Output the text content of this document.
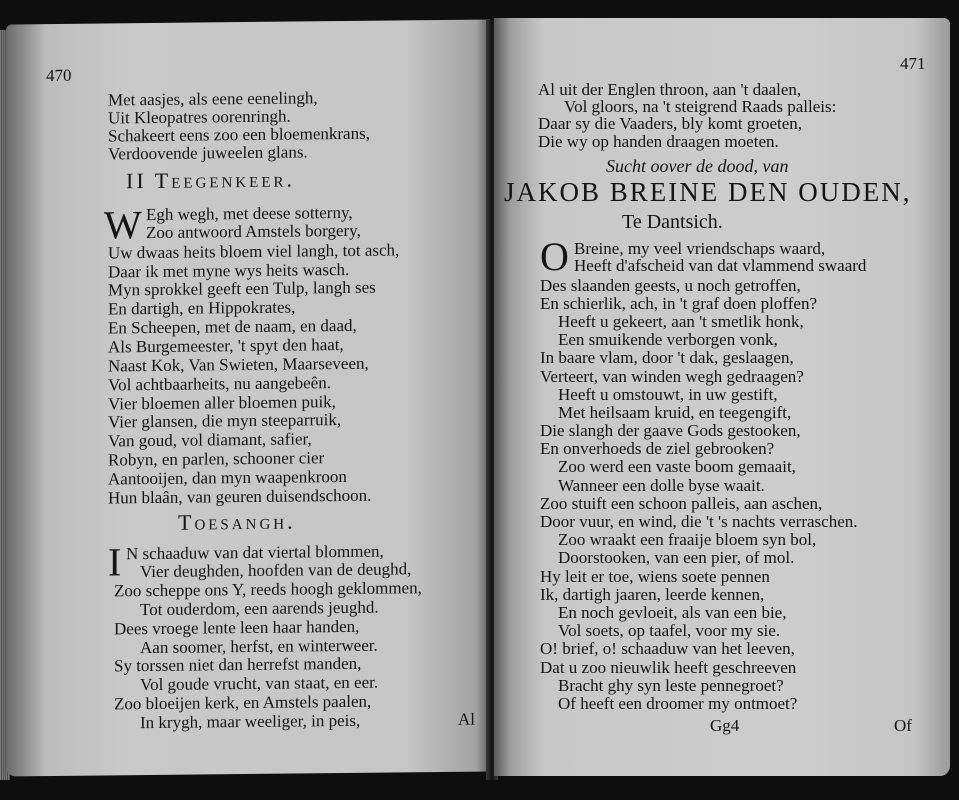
470
Met aasjes, als eene eenelingh,
Uit Kleopatres oorenringh.
Schakeert eens zoo een bloemenkrans,
Verdoovende juweelen glans.
II Teegenkeer.
W Egh wegh, met deese sotterny,
Zoo antwoord Amstels borgery,
Uw dwaas heits bloem viel langh, tot asch,
Daar ik met myne wys heits wasch.
Myn sprokkel geeft een Tulp, langh ses
En dartigh, en Hippokrates,
En Scheepen, met de naam, en daad,
Als Burgemeester, 't spyt den haat,
Naast Kok, Van Swieten, Maarseveen,
Vol achtbaarheits, nu aangebeên.
Vier bloemen aller bloemen puik,
Vier glansen, die myn steeparruik,
Van goud, vol diamant, safier,
Robyn, en parlen, schooner cier
Aantooijen, dan myn waapenkroon
Hun blaân, van geuren duisendschoon.
Toesangh.
I N schaaduw van dat viertal blommen,
Vier deughden, hoofden van de deughd,
Zoo scheppe ons Y, reeds hoogh geklommen,
Tot ouderdom, een aarends jeughd.
Dees vroege lente leen haar handen,
Aan soomer, herfst, en winterweer.
Sy torssen niet dan herrefst manden,
Vol goude vrucht, van staat, en eer.
Zoo bloeijen kerk, en Amstels paalen,
In krygh, maar weeliger, in peis,	Al
471
Al uit der Englen throon, aan 't daalen,
Vol gloors, na 't steigrend Raads palleis:
Daar sy die Vaaders, bly komt groeten,
Die wy op handen draagen moeten.
Sucht oover de dood, van
JAKOB BREINE DEN OUDEN,
Te Dantsich.
O Breine, my veel vriendschaps waard,
Heeft d'afscheid van dat vlammend swaard
Des slaanden geests, u noch getroffen,
En schierlik, ach, in 't graf doen ploffen?
Heeft u gekeert, aan 't smetlik honk,
Een smuikende verborgen vonk,
In baare vlam, door 't dak, geslaagen,
Verteert, van winden wegh gedraagen?
Heeft u omstouwt, in uw gestift,
Met heilsaam kruid, en teegengift,
Die slangh der gaave Gods gestooken,
En onverhoeds de ziel gebrooken?
Zoo werd een vaste boom gemaait,
Wanneer een dolle byse waait.
Zoo stuift een schoon palleis, aan aschen,
Door vuur, en wind, die 't 's nachts verraschen.
Zoo wraakt een fraaije bloem syn bol,
Doorstooken, van een pier, of mol.
Hy leit er toe, wiens soete pennen
Ik, dartigh jaaren, leerde kennen,
En noch gevloeit, als van een bie,
Vol soets, op taafel, voor my sie.
O! brief, o! schaaduw van het leeven,
Dat u zoo nieuwlik heeft geschreeven
Bracht ghy syn leste pennegroet?
Of heeft een droomer my ontmoet?
Gg4	Of
